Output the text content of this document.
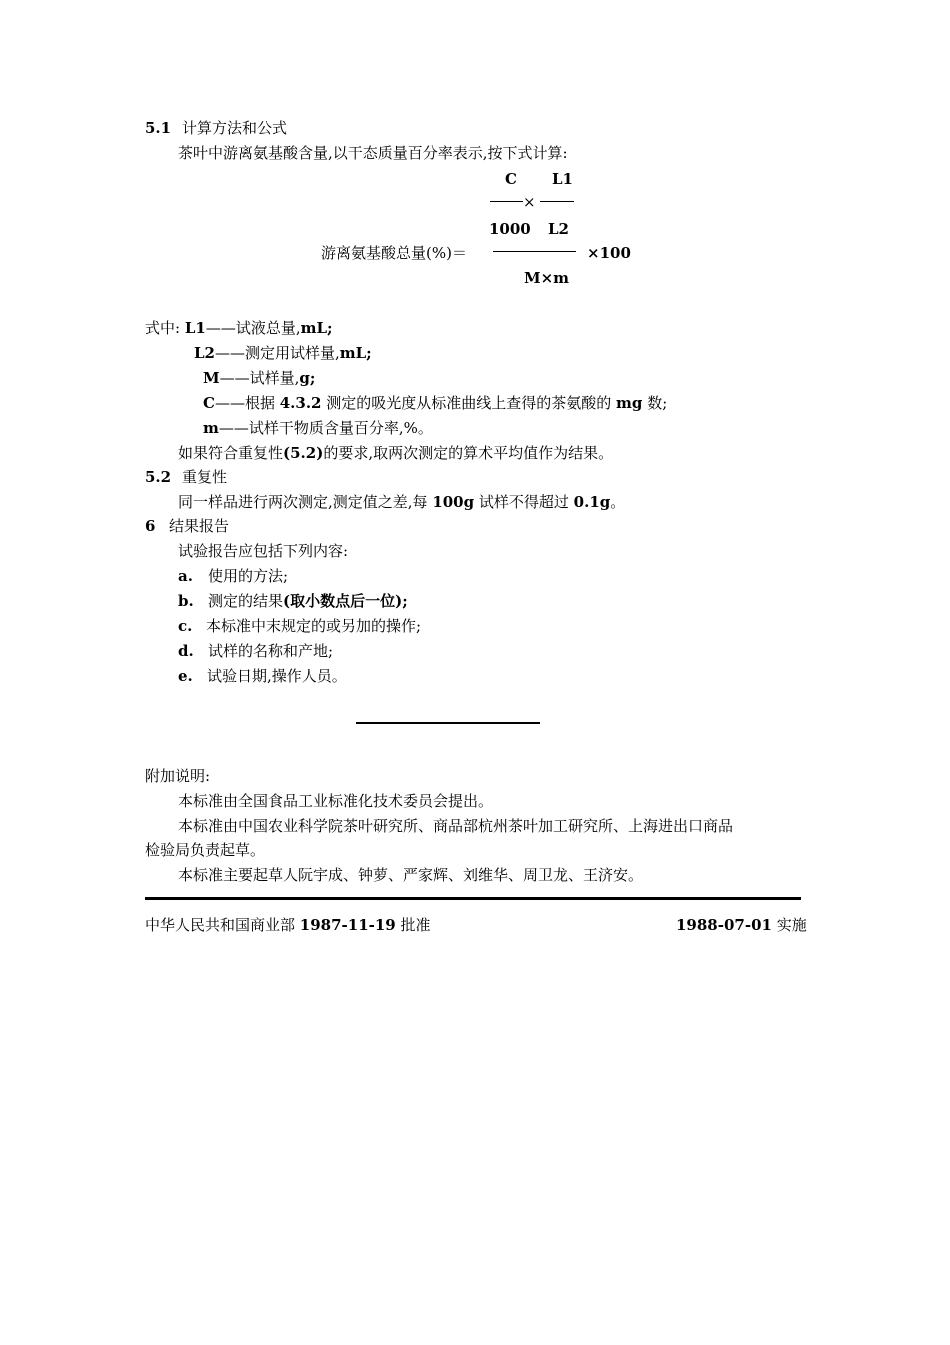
5.1 计算方法和公式
茶叶中游离氨基酸含量,以干态质量百分率表示,按下式计算:
C L1
×
1000 L2
游离氨基酸总量(%)＝	×100
M×m
式中: L1——试液总量,mL;
L2——测定用试样量,mL;
M——试样量,g;
C——根据 4.3.2 测定的吸光度从标准曲线上查得的茶氨酸的 mg 数;
m——试样干物质含量百分率,%。
如果符合重复性(5.2)的要求,取两次测定的算术平均值作为结果。
5.2 重复性
同一样品进行两次测定,测定值之差,每 100g 试样不得超过 0.1g。
6 结果报告
试验报告应包括下列内容:
a. 使用的方法;
b. 测定的结果(取小数点后一位);
c. 本标准中末规定的或另加的操作;
d. 试样的名称和产地;
e. 试验日期,操作人员。
附加说明:
本标准由全国食品工业标准化技术委员会提出。
本标准由中国农业科学院茶叶研究所、商品部杭州茶叶加工研究所、上海进出口商品
检验局负责起草。
本标准主要起草人阮宇成、钟萝、严家辉、刘维华、周卫龙、王济安。
中华人民共和国商业部 1987-11-19 批准	1988-07-01 实施
